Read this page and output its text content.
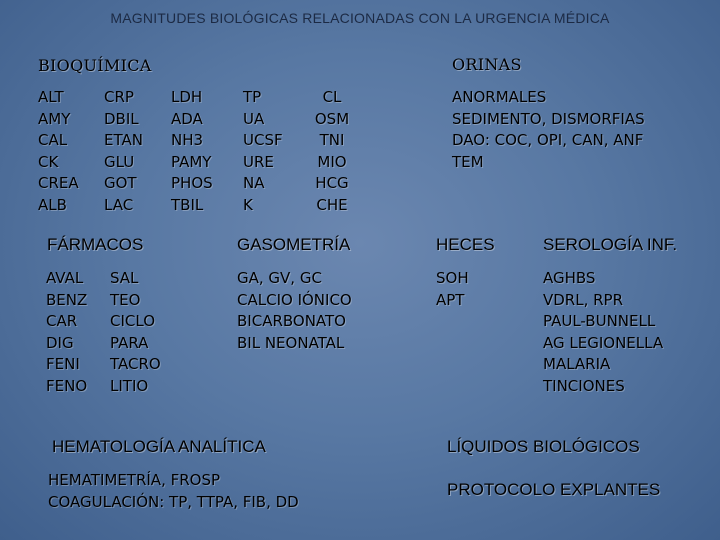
MAGNITUDES BIOLÓGICAS RELACIONADAS CON LA URGENCIA MÉDICA
BIOQUÍMICA
ALT
AMY
CAL
CK
CREA
ALB
CRP
DBIL
ETAN
GLU
GOT
LAC
LDH
ADA
NH3
PAMY
PHOS
TBIL
TP
UA
UCSF
URE
NA
K
CL
OSM
TNI
MIO
HCG
CHE
ORINAS
ANORMALES
SEDIMENTO, DISMORFIAS
DAO: COC, OPI, CAN, ANF
TEM
FÁRMACOS
AVAL
BENZ
CAR
DIG
FENI
FENO
SAL
TEO
CICLO
PARA
TACRO
LITIO
GASOMETRÍA
GA, GV, GC
CALCIO IÓNICO
BICARBONATO
BIL NEONATAL
HECES
SOH
APT
SEROLOGÍA INF.
AGHBS
VDRL, RPR
PAUL-BUNNELL
AG LEGIONELLA
MALARIA
TINCIONES
HEMATOLOGÍA ANALÍTICA
HEMATIMETRÍA, FROSP
COAGULACIÓN: TP, TTPA, FIB, DD
LÍQUIDOS BIOLÓGICOS
PROTOCOLO EXPLANTES
